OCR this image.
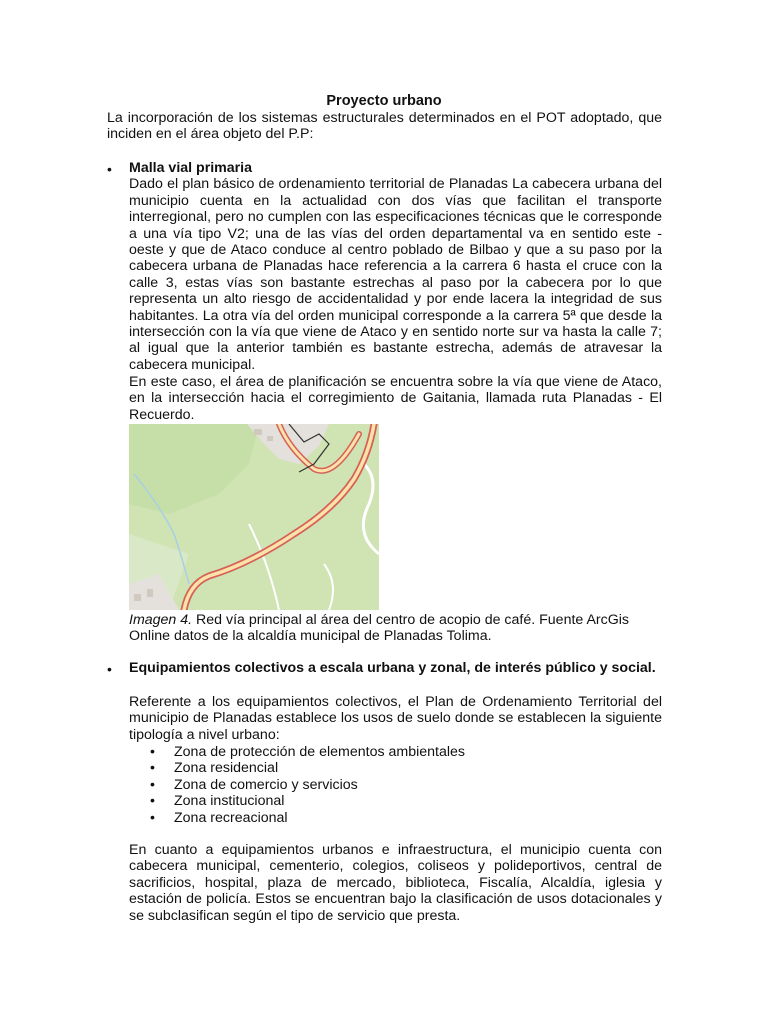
Proyecto urbano
La incorporación de los sistemas estructurales determinados en el POT adoptado, que inciden en el área objeto del P.P:
• Malla vial primaria
Dado el plan básico de ordenamiento territorial de Planadas La cabecera urbana del municipio cuenta en la actualidad con dos vías que facilitan el transporte interregional, pero no cumplen con las especificaciones técnicas que le corresponde a una vía tipo V2; una de las vías del orden departamental va en sentido este - oeste y que de Ataco conduce al centro poblado de Bilbao y que a su paso por la cabecera urbana de Planadas hace referencia a la carrera 6 hasta el cruce con la calle 3, estas vías son bastante estrechas al paso por la cabecera por lo que representa un alto riesgo de accidentalidad y por ende lacera la integridad de sus habitantes. La otra vía del orden municipal corresponde a la carrera 5ª que desde la intersección con la vía que viene de Ataco y en sentido norte sur va hasta la calle 7; al igual que la anterior también es bastante estrecha, además de atravesar la cabecera municipal.
En este caso, el área de planificación se encuentra sobre la vía que viene de Ataco, en la intersección hacia el corregimiento de Gaitania, llamada ruta Planadas - El Recuerdo.
Imagen 4. Red vía principal al área del centro de acopio de café. Fuente ArcGis Online datos de la alcaldía municipal de Planadas Tolima.
• Equipamientos colectivos a escala urbana y zonal, de interés público y social.
Referente a los equipamientos colectivos, el Plan de Ordenamiento Territorial del municipio de Planadas establece los usos de suelo donde se establecen la siguiente tipología a nivel urbano:
• Zona de protección de elementos ambientales
• Zona residencial
• Zona de comercio y servicios
• Zona institucional
• Zona recreacional
En cuanto a equipamientos urbanos e infraestructura, el municipio cuenta con cabecera municipal, cementerio, colegios, coliseos y polideportivos, central de sacrificios, hospital, plaza de mercado, biblioteca, Fiscalía, Alcaldía, iglesia y estación de policía. Estos se encuentran bajo la clasificación de usos dotacionales y se subclasifican según el tipo de servicio que presta.
